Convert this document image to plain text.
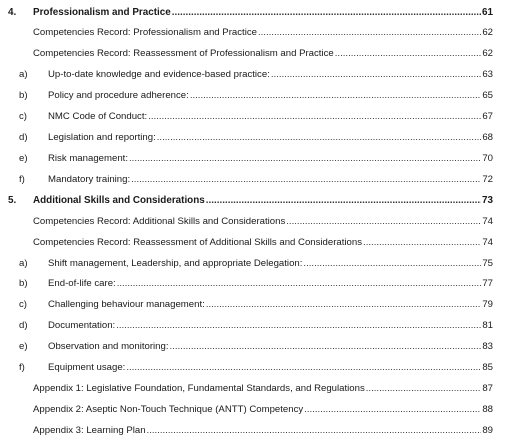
4. Professionalism and Practice .....	61
Competencies Record: Professionalism and Practice .....	62
Competencies Record: Reassessment of Professionalism and Practice .....	62
a) Up-to-date knowledge and evidence-based practice: .....	63
b) Policy and procedure adherence: .....	65
c) NMC Code of Conduct: .....	67
d) Legislation and reporting: .....	68
e) Risk management: .....	70
f) Mandatory training: .....	72
5. Additional Skills and Considerations .....	73
Competencies Record: Additional Skills and Considerations .....	74
Competencies Record: Reassessment of Additional Skills and Considerations .....	74
a) Shift management, Leadership, and appropriate Delegation: .....	75
b) End-of-life care: .....	77
c) Challenging behaviour management: .....	79
d) Documentation: .....	81
e) Observation and monitoring: .....	83
f) Equipment usage: .....	85
Appendix 1: Legislative Foundation, Fundamental Standards, and Regulations .....	87
Appendix 2: Aseptic Non-Touch Technique (ANTT) Competency .....	88
Appendix 3: Learning Plan .....	89
